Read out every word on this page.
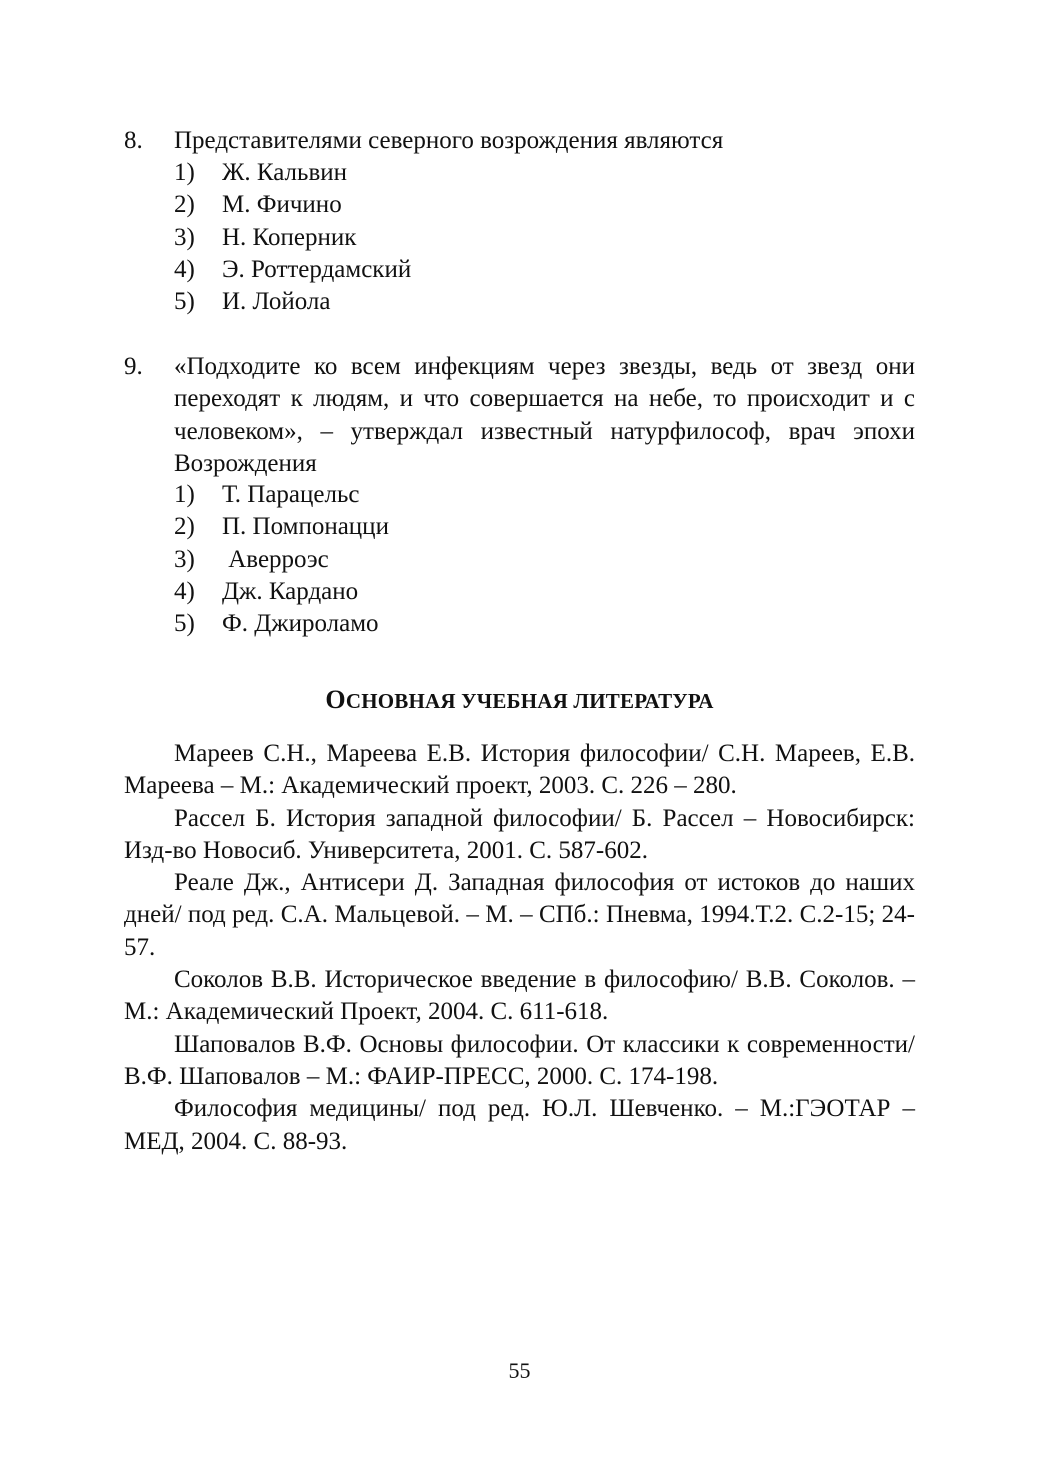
8. Представителями северного возрождения являются
1) Ж. Кальвин
2) М. Фичино
3) Н. Коперник
4) Э. Роттердамский
5) И. Лойола
9. «Подходите ко всем инфекциям через звезды, ведь от звезд они переходят к людям, и что совершается на небе, то происходит и с человеком», – утверждал известный натурфилософ, врач эпохи Возрождения
1) Т. Парацельс
2) П. Помпонацци
3) Аверроэс
4) Дж. Кардано
5) Ф. Джироламо
ОСНОВНАЯ УЧЕБНАЯ ЛИТЕРАТУРА
Мареев С.Н., Мареева Е.В. История философии/ С.Н. Мареев, Е.В. Мареева – М.: Академический проект, 2003. С. 226 – 280.
Рассел Б. История западной философии/ Б. Рассел – Новосибирск: Изд-во Новосиб. Университета, 2001. С. 587-602.
Реале Дж., Антисери Д. Западная философия от истоков до наших дней/ под ред. С.А. Мальцевой. – М. – СПб.: Пневма, 1994.Т.2. С.2-15; 24-57.
Соколов В.В. Историческое введение в философию/ В.В. Соколов. – М.: Академический Проект, 2004. С. 611-618.
Шаповалов В.Ф. Основы философии. От классики к современности/ В.Ф. Шаповалов – М.: ФАИР-ПРЕСС, 2000. С. 174-198.
Философия медицины/ под ред. Ю.Л. Шевченко. – М.:ГЭОТАР – МЕД, 2004. С. 88-93.
55
